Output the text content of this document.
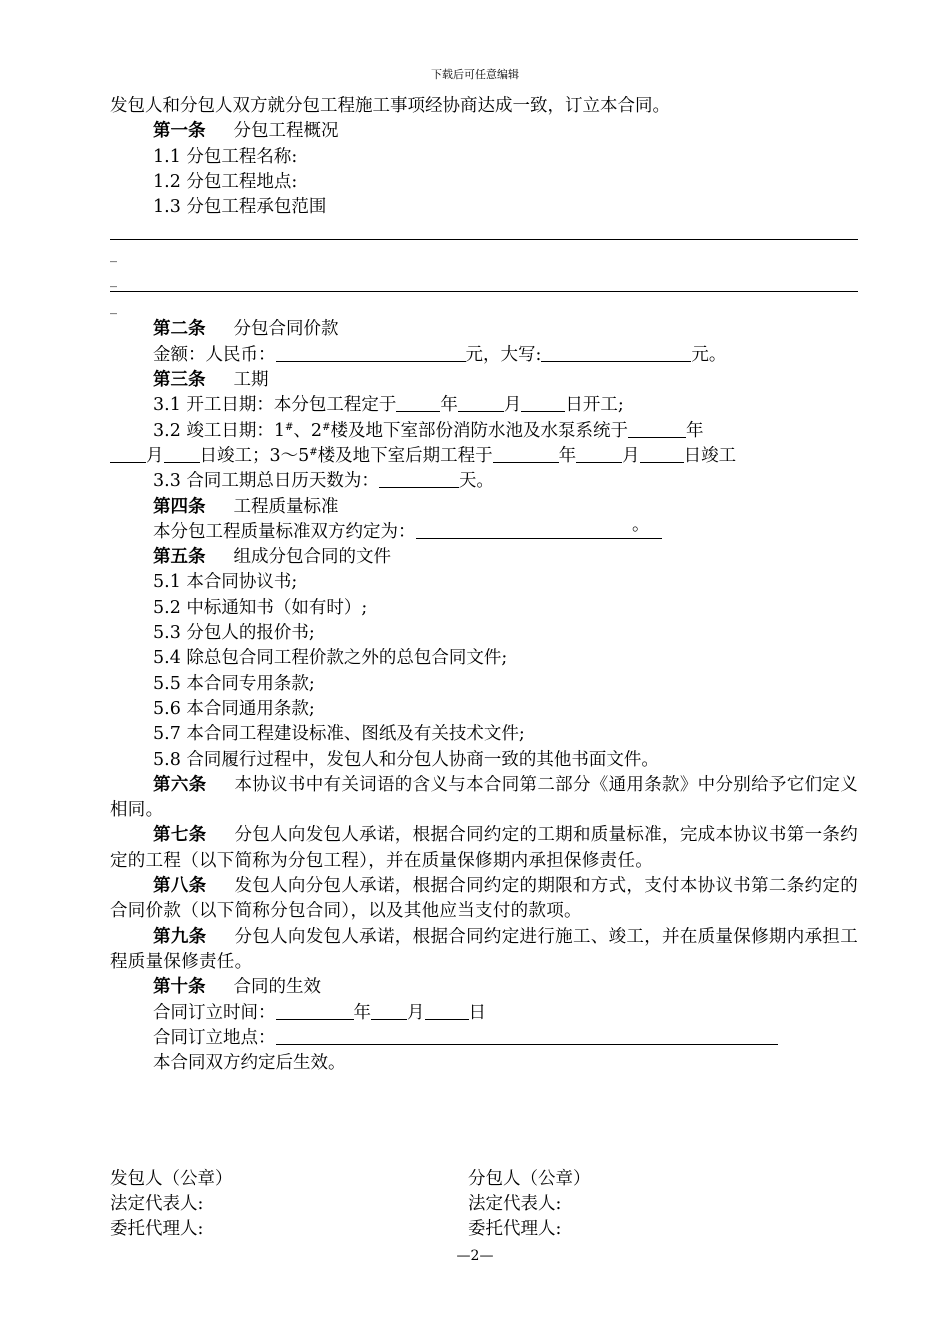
下载后可任意编辑
发包人和分包人双方就分包工程施工事项经协商达成一致，订立本合同。
第一条 分包工程概况
1.1 分包工程名称:
1.2 分包工程地点:
1.3 分包工程承包范围
_
_
_
第二条 分包合同价款
金额：人民币：	元，大写:	元。
第三条 工期
3.1 开工日期：本分包工程定于	年	月	日开工;
3.2 竣工日期：1#、2#楼及地下室部份消防水池及水泵系统于	年
月 日竣工；3～5#楼及地下室后期工程于	年	月	日竣工
3.3 合同工期总日历天数为：	天。
第四条 工程质量标准
本分包工程质量标准双方约定为：	。
第五条 组成分包合同的文件
5.1 本合同协议书;
5.2 中标通知书（如有时）;
5.3 分包人的报价书;
5.4 除总包合同工程价款之外的总包合同文件;
5.5 本合同专用条款;
5.6 本合同通用条款;
5.7 本合同工程建设标准、图纸及有关技术文件;
5.8 合同履行过程中，发包人和分包人协商一致的其他书面文件。
第六条 本协议书中有关词语的含义与本合同第二部分《通用条款》中分别给予它们定义相同。
第七条 分包人向发包人承诺，根据合同约定的工期和质量标准，完成本协议书第一条约定的工程（以下简称为分包工程），并在质量保修期内承担保修责任。
第八条 发包人向分包人承诺，根据合同约定的期限和方式，支付本协议书第二条约定的合同价款（以下简称分包合同），以及其他应当支付的款项。
第九条 分包人向发包人承诺，根据合同约定进行施工、竣工，并在质量保修期内承担工程质量保修责任。
第十条 合同的生效
合同订立时间：	年 月	日
合同订立地点：
本合同双方约定后生效。
发包人（公章）	分包人（公章）
法定代表人:	法定代表人:
委托代理人:	委托代理人:
—2—
